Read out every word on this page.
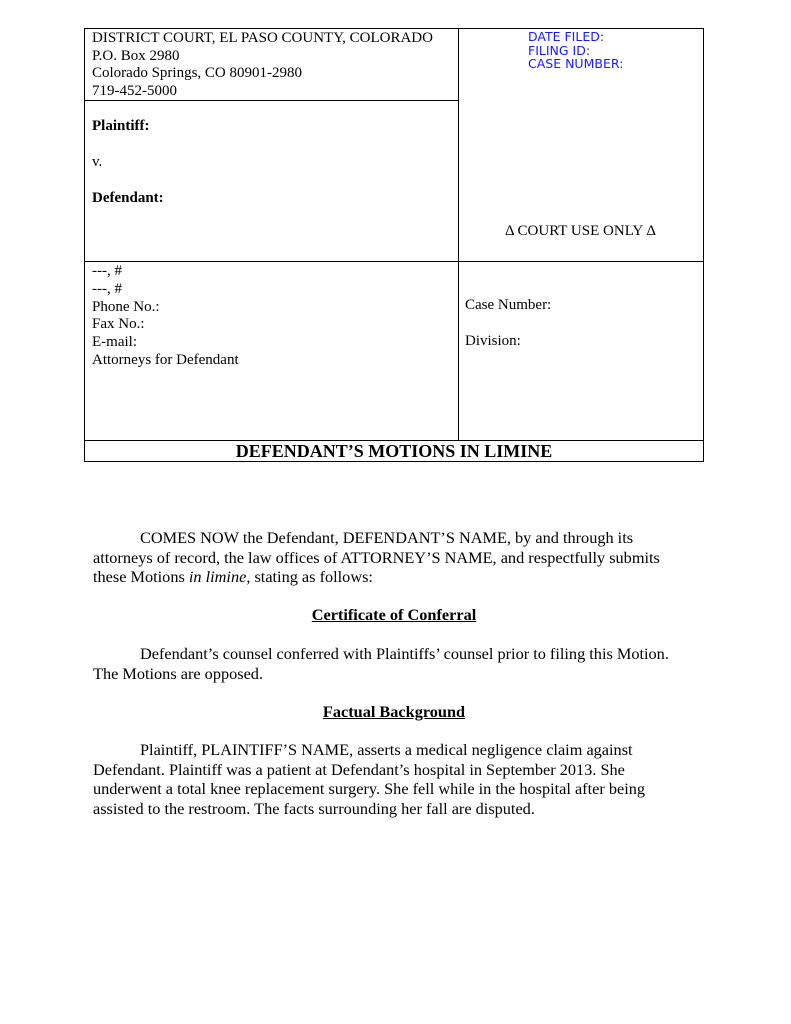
DISTRICT COURT, EL PASO COUNTY, COLORADO
P.O. Box 2980
Colorado Springs, CO 80901-2980
719-452-5000
Plaintiff:
v.
Defendant:
DATE FILED:
FILING ID:
CASE NUMBER:
Δ COURT USE ONLY Δ
---, #
---, #
Phone No.:
Fax No.:
E-mail:
Attorneys for Defendant
Case Number:
Division:
DEFENDANT’S MOTIONS IN LIMINE

COMES NOW the Defendant, DEFENDANT’S NAME, by and through its attorneys of record, the law offices of ATTORNEY’S NAME, and respectfully submits these Motions in limine, stating as follows:

Certificate of Conferral

Defendant’s counsel conferred with Plaintiffs’ counsel prior to filing this Motion. The Motions are opposed.

Factual Background

Plaintiff, PLAINTIFF’S NAME, asserts a medical negligence claim against Defendant. Plaintiff was a patient at Defendant’s hospital in September 2013. She underwent a total knee replacement surgery. She fell while in the hospital after being assisted to the restroom. The facts surrounding her fall are disputed.
